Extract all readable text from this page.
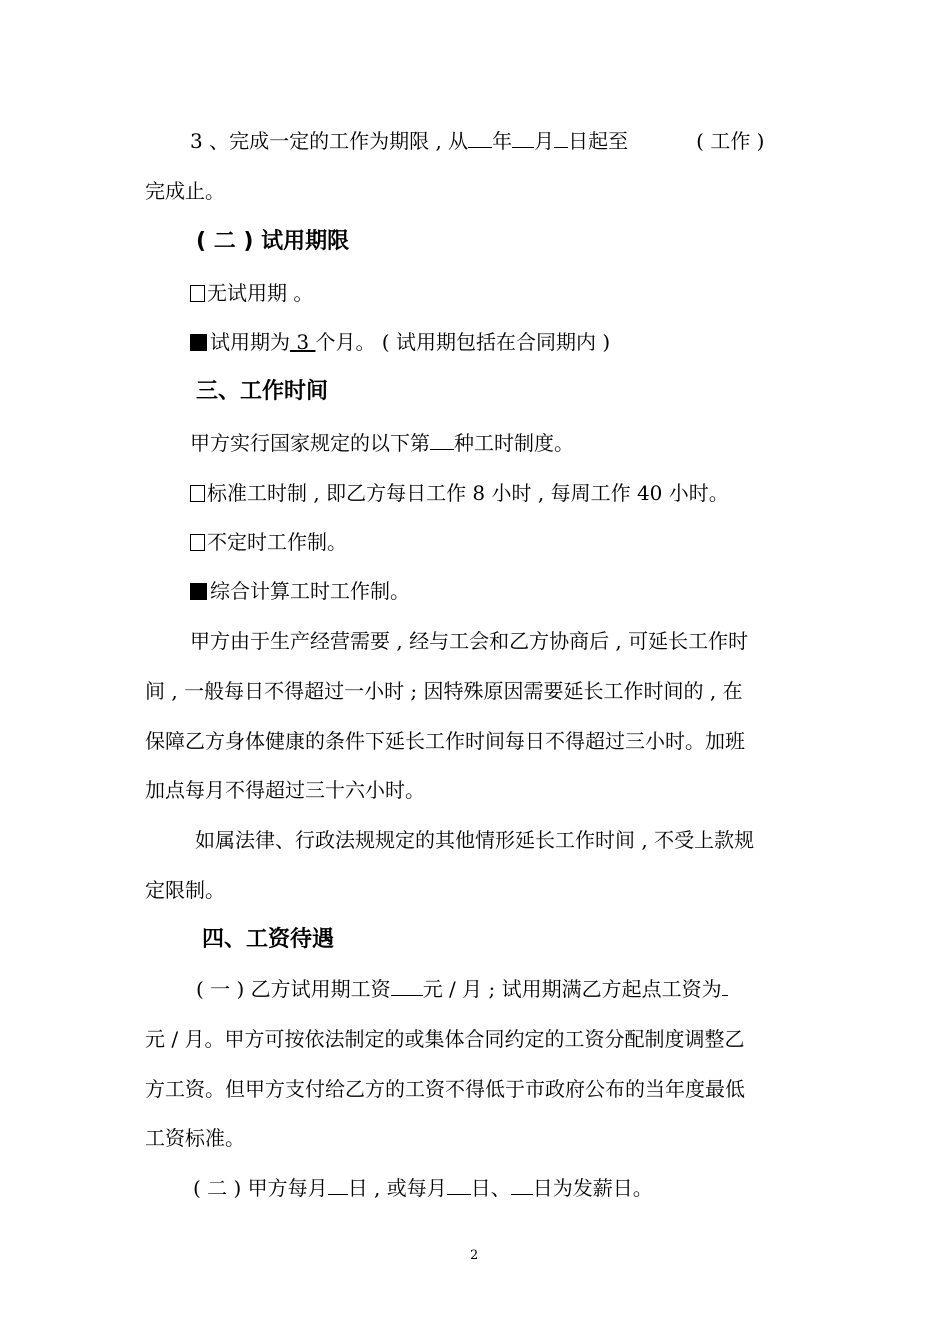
3 、完成一定的工作为期限 , 从 年 月 日起至	( 工作 )
完成止。
( 二 ) 试用期限
无试用期 。
试用期为 3 个月。 ( 试用期包括在合同期内 )
三、工作时间
甲方实行国家规定的以下第 种工时制度。
标准工时制 , 即乙方每日工作 8 小时 , 每周工作 40 小时。
不定时工作制。
综合计算工时工作制。
甲方由于生产经营需要 , 经与工会和乙方协商后 , 可延长工作时
间 , 一般每日不得超过一小时 ; 因特殊原因需要延长工作时间的 , 在
保障乙方身体健康的条件下延长工作时间每日不得超过三小时。加班
加点每月不得超过三十六小时。
如属法律、行政法规规定的其他情形延长工作时间 , 不受上款规
定限制。
四、工资待遇
( 一 ) 乙方试用期工资 元 / 月 ; 试用期满乙方起点工资为
元 / 月。甲方可按依法制定的或集体合同约定的工资分配制度调整乙
方工资。但甲方支付给乙方的工资不得低于市政府公布的当年度最低
工资标准。
( 二 ) 甲方每月 日 , 或每月 日、 日为发薪日。
2
